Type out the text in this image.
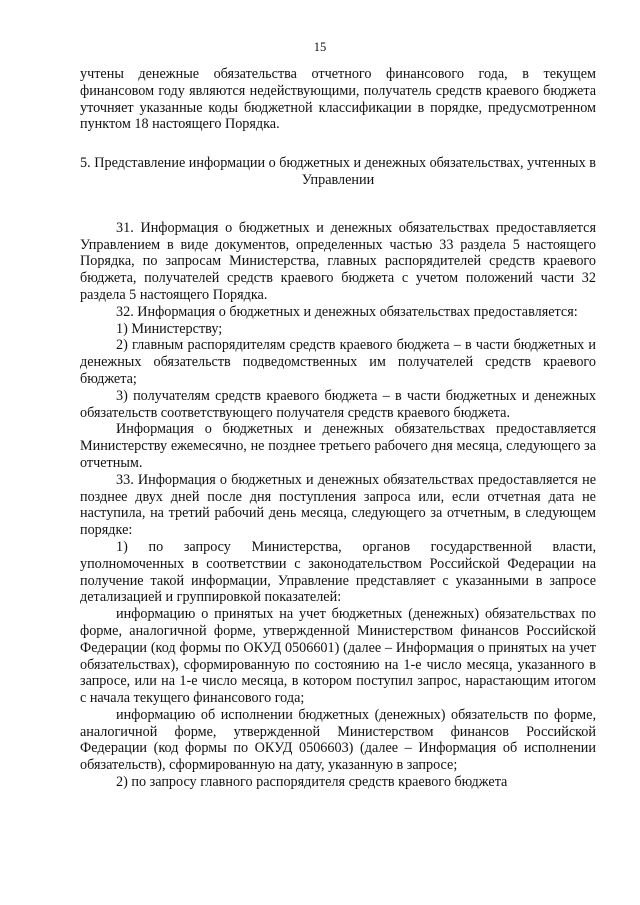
15

учтены денежные обязательства отчетного финансового года, в текущем финансовом году являются недействующими, получатель средств краевого бюджета уточняет указанные коды бюджетной классификации в порядке, предусмотренном пунктом 18 настоящего Порядка.

5. Представление информации о бюджетных и денежных обязательствах, учтенных в Управлении

31. Информация о бюджетных и денежных обязательствах предоставляется Управлением в виде документов, определенных частью 33 раздела 5 настоящего Порядка, по запросам Министерства, главных распорядителей средств краевого бюджета, получателей средств краевого бюджета с учетом положений части 32 раздела 5 настоящего Порядка.

32. Информация о бюджетных и денежных обязательствах предоставляется:

1) Министерству;

2) главным распорядителям средств краевого бюджета – в части бюджетных и денежных обязательств подведомственных им получателей средств краевого бюджета;

3) получателям средств краевого бюджета – в части бюджетных и денежных обязательств соответствующего получателя средств краевого бюджета.

Информация о бюджетных и денежных обязательствах предоставляется Министерству ежемесячно, не позднее третьего рабочего дня месяца, следующего за отчетным.

33. Информация о бюджетных и денежных обязательствах предоставляется не позднее двух дней после дня поступления запроса или, если отчетная дата не наступила, на третий рабочий день месяца, следующего за отчетным, в следующем порядке:

1) по запросу Министерства, органов государственной власти, уполномоченных в соответствии с законодательством Российской Федерации на получение такой информации, Управление представляет с указанными в запросе детализацией и группировкой показателей:

информацию о принятых на учет бюджетных (денежных) обязательствах по форме, аналогичной форме, утвержденной Министерством финансов Российской Федерации (код формы по ОКУД 0506601) (далее – Информация о принятых на учет обязательствах), сформированную по состоянию на 1-е число месяца, указанного в запросе, или на 1-е число месяца, в котором поступил запрос, нарастающим итогом с начала текущего финансового года;

информацию об исполнении бюджетных (денежных) обязательств по форме, аналогичной форме, утвержденной Министерством финансов Российской Федерации (код формы по ОКУД 0506603) (далее – Информация об исполнении обязательств), сформированную на дату, указанную в запросе;

2) по запросу главного распорядителя средств краевого бюджета
